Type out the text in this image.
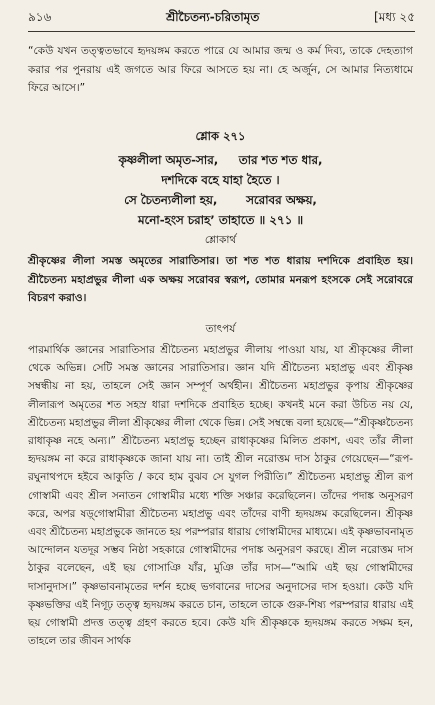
৯১৬	শ্রীচৈতন্য-চরিতামৃত	[মধ্য ২৫
“কেউ যখন তত্ত্বতভাবে হৃদয়ঙ্গম করতে পারে যে আমার জন্ম ও কর্ম দিব্য, তাকে দেহত্যাগ করার পর পুনরায় এই জগতে আর ফিরে আসতে হয় না। হে অর্জুন, সে আমার নিত্যধামে ফিরে আসে।”
শ্লোক ২৭১
কৃষ্ণলীলা অমৃত-সার,     তার শত শত ধার,
দশদিকে বহে যাহা হৈতে ।
সে চৈতন্যলীলা হয়,       সরোবর অক্ষয়,
মনো-হংস চরাহ’ তাহাতে ॥ ২৭১ ॥
শ্লোকার্থ
শ্রীকৃষ্ণের লীলা সমস্ত অমৃতের সারাতিসার। তা শত শত ধারায় দশদিকে প্রবাহিত হয়। শ্রীচৈতন্য মহাপ্রভুর লীলা এক অক্ষয় সরোবর স্বরূপ, তোমার মনরূপ হংসকে সেই সরোবরে বিচরণ করাও।
তাৎপর্য
পারমার্থিক জ্ঞানের সারাতিসার শ্রীচৈতন্য মহাপ্রভুর লীলায় পাওয়া যায়, যা শ্রীকৃষ্ণের লীলা থেকে অভিন্ন। সেটি সমস্ত জ্ঞানের সারাতিসার। জ্ঞান যদি শ্রীচৈতন্য মহাপ্রভু এবং শ্রীকৃষ্ণ সম্বন্ধীয় না হয়, তাহলে সেই জ্ঞান সম্পূর্ণ অর্থহীন। শ্রীচৈতন্য মহাপ্রভুর কৃপায় শ্রীকৃষ্ণের লীলারূপ অমৃতের শত সহস্র ধারা দশদিকে প্রবাহিত হচ্ছে। কখনই মনে করা উচিত নয় যে, শ্রীচৈতন্য মহাপ্রভুর লীলা শ্রীকৃষ্ণের লীলা থেকে ভিন্ন। সেই সম্বন্ধে বলা হয়েছে—“শ্রীকৃষ্ণচৈতন্য রাধাকৃষ্ণ নহে অন্য।” শ্রীচৈতন্য মহাপ্রভু হচ্ছেন রাধাকৃষ্ণের মিলিত প্রকাশ, এবং তাঁর লীলা হৃদয়ঙ্গম না করে রাধাকৃষ্ণকে জানা যায় না। তাই শ্রীল নরোত্তম দাস ঠাকুর গেয়েছেন—“রূপ-রঘুনাথপদে হইবে আকুতি / কবে হাম বুঝব সে যুগল পিরীতি।” শ্রীচৈতন্য মহাপ্রভু শ্রীল রূপ গোস্বামী এবং শ্রীল সনাতন গোস্বামীর মধ্যে শক্তি সঞ্চার করেছিলেন। তাঁদের পদাঙ্ক অনুসরণ করে, অপর ষড়্‌গোস্বামীরা শ্রীচৈতন্য মহাপ্রভু এবং তাঁদের বাণী হৃদয়ঙ্গম করেছিলেন। শ্রীকৃষ্ণ এবং শ্রীচৈতন্য মহাপ্রভুকে জানতে হয় পরম্পরার ধারায় গোস্বামীদের মাধ্যমে। এই কৃষ্ণভাবনামৃত আন্দোলন যতদূর সম্ভব নিষ্ঠা সহকারে গোস্বামীদের পদাঙ্ক অনুসরণ করছে। শ্রীল নরোত্তম দাস ঠাকুর বলেছেন, এই ছয় গোসাঞি যাঁর, মুঞি তাঁর দাস—“আমি এই ছয় গোস্বামীদের দাসানুদাস।” কৃষ্ণভাবনামৃতের দর্শন হচ্ছে ভগবানের দাসের অনুদাসের দাস হওয়া। কেউ যদি কৃষ্ণভক্তির এই নিগূঢ় তত্ত্ব হৃদয়ঙ্গম করতে চান, তাহলে তাকে গুরু-শিষ্য পরম্পরার ধারায় এই ছয় গোস্বামী প্রদত্ত তত্ত্ব গ্রহণ করতে হবে। কেউ যদি শ্রীকৃষ্ণকে হৃদয়ঙ্গম করতে সক্ষম হন, তাহলে তার জীবন সার্থক
